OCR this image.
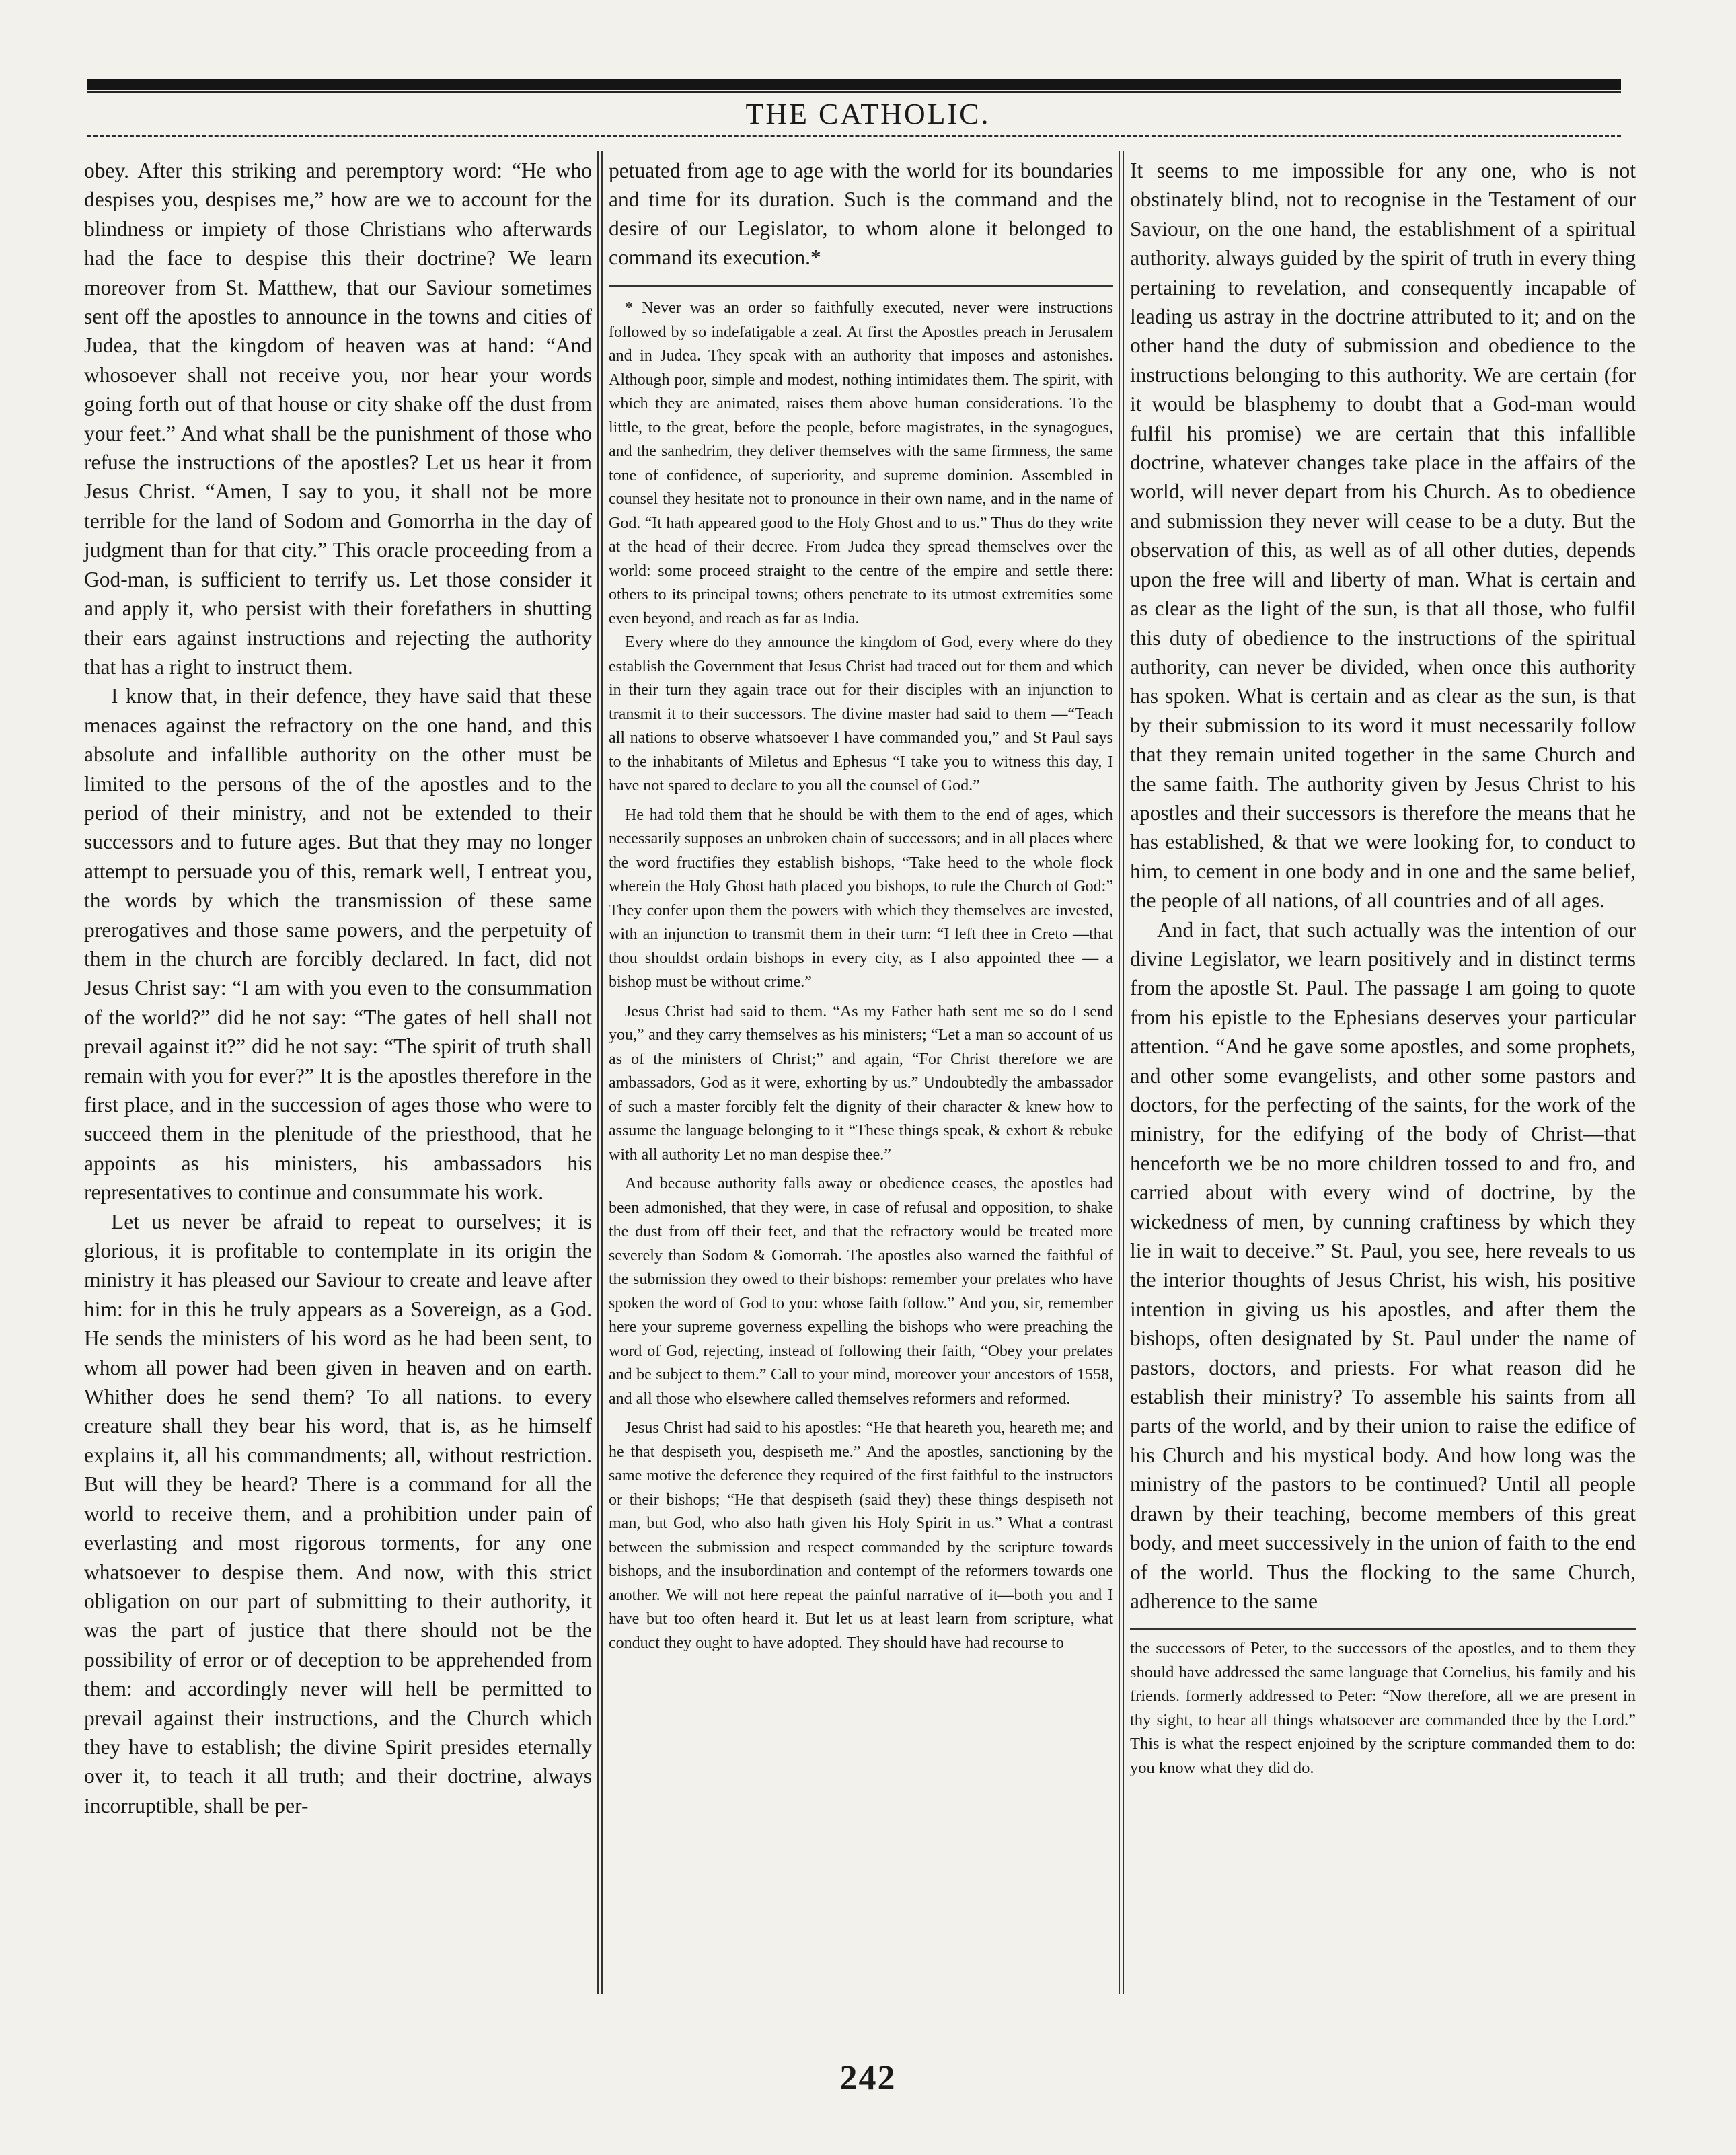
THE CATHOLIC.

obey. After this striking and peremptory word: “He who despises you, despises me,” how are we to account for the blindness or impiety of those Christians who afterwards had the face to despise this their doctrine? We learn moreover from St. Matthew, that our Saviour sometimes sent off the apostles to announce in the towns and cities of Judea, that the kingdom of heaven was at hand: “And whosoever shall not receive you, nor hear your words going forth out of that house or city shake off the dust from your feet.” And what shall be the punishment of those who refuse the instructions of the apostles? Let us hear it from Jesus Christ. “Amen, I say to you, it shall not be more terrible for the land of Sodom and Gomorrha in the day of judgment than for that city.” This oracle proceeding from a God-man, is sufficient to terrify us. Let those consider it and apply it, who persist with their forefathers in shutting their ears against instructions and rejecting the authority that has a right to instruct them.

I know that, in their defence, they have said that these menaces against the refractory on the one hand, and this absolute and infallible authority on the other must be limited to the persons of the of the apostles and to the period of their ministry, and not be extended to their successors and to future ages. But that they may no longer attempt to persuade you of this, remark well, I entreat you, the words by which the transmission of these same prerogatives and those same powers, and the perpetuity of them in the church are forcibly declared. In fact, did not Jesus Christ say: “I am with you even to the consummation of the world?” did he not say: “The gates of hell shall not prevail against it?” did he not say: “The spirit of truth shall remain with you for ever?” It is the apostles therefore in the first place, and in the succession of ages those who were to succeed them in the plenitude of the priesthood, that he appoints as his ministers, his ambassadors his representatives to continue and consummate his work.

Let us never be afraid to repeat to ourselves; it is glorious, it is profitable to contemplate in its origin the ministry it has pleased our Saviour to create and leave after him: for in this he truly appears as a Sovereign, as a God. He sends the ministers of his word as he had been sent, to whom all power had been given in heaven and on earth. Whither does he send them? To all nations. to every creature shall they bear his word, that is, as he himself explains it, all his commandments; all, without restriction. But will they be heard? There is a command for all the world to receive them, and a prohibition under pain of everlasting and most rigorous torments, for any one whatsoever to despise them. And now, with this strict obligation on our part of submitting to their authority, it was the part of justice that there should not be the possibility of error or of deception to be apprehended from them: and accordingly never will hell be permitted to prevail against their instructions, and the Church which they have to establish; the divine Spirit presides eternally over it, to teach it all truth; and their doctrine, always incorruptible, shall be per-

petuated from age to age with the world for its boundaries and time for its duration. Such is the command and the desire of our Legislator, to whom alone it belonged to command its execution.*

* Never was an order so faithfully executed, never were instructions followed by so indefatigable a zeal. At first the Apostles preach in Jerusalem and in Judea. They speak with an authority that imposes and astonishes. Although poor, simple and modest, nothing intimidates them. The spirit, with which they are animated, raises them above human considerations. To the little, to the great, before the people, before magistrates, in the synagogues, and the sanhedrim, they deliver themselves with the same firmness, the same tone of confidence, of superiority, and supreme dominion. Assembled in counsel they hesitate not to pronounce in their own name, and in the name of God. “It hath appeared good to the Holy Ghost and to us.” Thus do they write at the head of their decree. From Judea they spread themselves over the world: some proceed straight to the centre of the empire and settle there: others to its principal towns; others penetrate to its utmost extremities some even beyond, and reach as far as India.

Every where do they announce the kingdom of God, every where do they establish the Government that Jesus Christ had traced out for them and which in their turn they again trace out for their disciples with an injunction to transmit it to their successors. The divine master had said to them —“Teach all nations to observe whatsoever I have commanded you,” and St Paul says to the inhabitants of Miletus and Ephesus “I take you to witness this day, I have not spared to declare to you all the counsel of God.”

He had told them that he should be with them to the end of ages, which necessarily supposes an unbroken chain of successors; and in all places where the word fructifies they establish bishops, “Take heed to the whole flock wherein the Holy Ghost hath placed you bishops, to rule the Church of God:” They confer upon them the powers with which they themselves are invested, with an injunction to transmit them in their turn: “I left thee in Creto —that thou shouldst ordain bishops in every city, as I also appointed thee — a bishop must be without crime.”

Jesus Christ had said to them. “As my Father hath sent me so do I send you,” and they carry themselves as his ministers; “Let a man so account of us as of the ministers of Christ;” and again, “For Christ therefore we are ambassadors, God as it were, exhorting by us.” Undoubtedly the ambassador of such a master forcibly felt the dignity of their character & knew how to assume the language belonging to it “These things speak, & exhort & rebuke with all authority Let no man despise thee.”

And because authority falls away or obedience ceases, the apostles had been admonished, that they were, in case of refusal and opposition, to shake the dust from off their feet, and that the refractory would be treated more severely than Sodom & Gomorrah. The apostles also warned the faithful of the submission they owed to their bishops: remember your prelates who have spoken the word of God to you: whose faith follow.” And you, sir, remember here your supreme governess expelling the bishops who were preaching the word of God, rejecting, instead of following their faith, “Obey your prelates and be subject to them.” Call to your mind, moreover your ancestors of 1558, and all those who elsewhere called themselves reformers and reformed.

Jesus Christ had said to his apostles: “He that heareth you, heareth me; and he that despiseth you, despiseth me.” And the apostles, sanctioning by the same motive the deference they required of the first faithful to the instructors or their bishops; “He that despiseth (said they) these things despiseth not man, but God, who also hath given his Holy Spirit in us.” What a contrast between the submission and respect commanded by the scripture towards bishops, and the insubordination and contempt of the reformers towards one another. We will not here repeat the painful narrative of it—both you and I have but too often heard it. But let us at least learn from scripture, what conduct they ought to have adopted. They should have had recourse to

It seems to me impossible for any one, who is not obstinately blind, not to recognise in the Testament of our Saviour, on the one hand, the establishment of a spiritual authority. always guided by the spirit of truth in every thing pertaining to revelation, and consequently incapable of leading us astray in the doctrine attributed to it; and on the other hand the duty of submission and obedience to the instructions belonging to this authority. We are certain (for it would be blasphemy to doubt that a God-man would fulfil his promise) we are certain that this infallible doctrine, whatever changes take place in the affairs of the world, will never depart from his Church. As to obedience and submission they never will cease to be a duty. But the observation of this, as well as of all other duties, depends upon the free will and liberty of man. What is certain and as clear as the light of the sun, is that all those, who fulfil this duty of obedience to the instructions of the spiritual authority, can never be divided, when once this authority has spoken. What is certain and as clear as the sun, is that by their submission to its word it must necessarily follow that they remain united together in the same Church and the same faith. The authority given by Jesus Christ to his apostles and their successors is therefore the means that he has established, & that we were looking for, to conduct to him, to cement in one body and in one and the same belief, the people of all nations, of all countries and of all ages.

And in fact, that such actually was the intention of our divine Legislator, we learn positively and in distinct terms from the apostle St. Paul. The passage I am going to quote from his epistle to the Ephesians deserves your particular attention. “And he gave some apostles, and some prophets, and other some evangelists, and other some pastors and doctors, for the perfecting of the saints, for the work of the ministry, for the edifying of the body of Christ—that henceforth we be no more children tossed to and fro, and carried about with every wind of doctrine, by the wickedness of men, by cunning craftiness by which they lie in wait to deceive.” St. Paul, you see, here reveals to us the interior thoughts of Jesus Christ, his wish, his positive intention in giving us his apostles, and after them the bishops, often designated by St. Paul under the name of pastors, doctors, and priests. For what reason did he establish their ministry? To assemble his saints from all parts of the world, and by their union to raise the edifice of his Church and his mystical body. And how long was the ministry of the pastors to be continued? Until all people drawn by their teaching, become members of this great body, and meet successively in the union of faith to the end of the world. Thus the flocking to the same Church, adherence to the same

the successors of Peter, to the successors of the apostles, and to them they should have addressed the same language that Cornelius, his family and his friends. formerly addressed to Peter: “Now therefore, all we are present in thy sight, to hear all things whatsoever are commanded thee by the Lord.” This is what the respect enjoined by the scripture commanded them to do: you know what they did do.

242
